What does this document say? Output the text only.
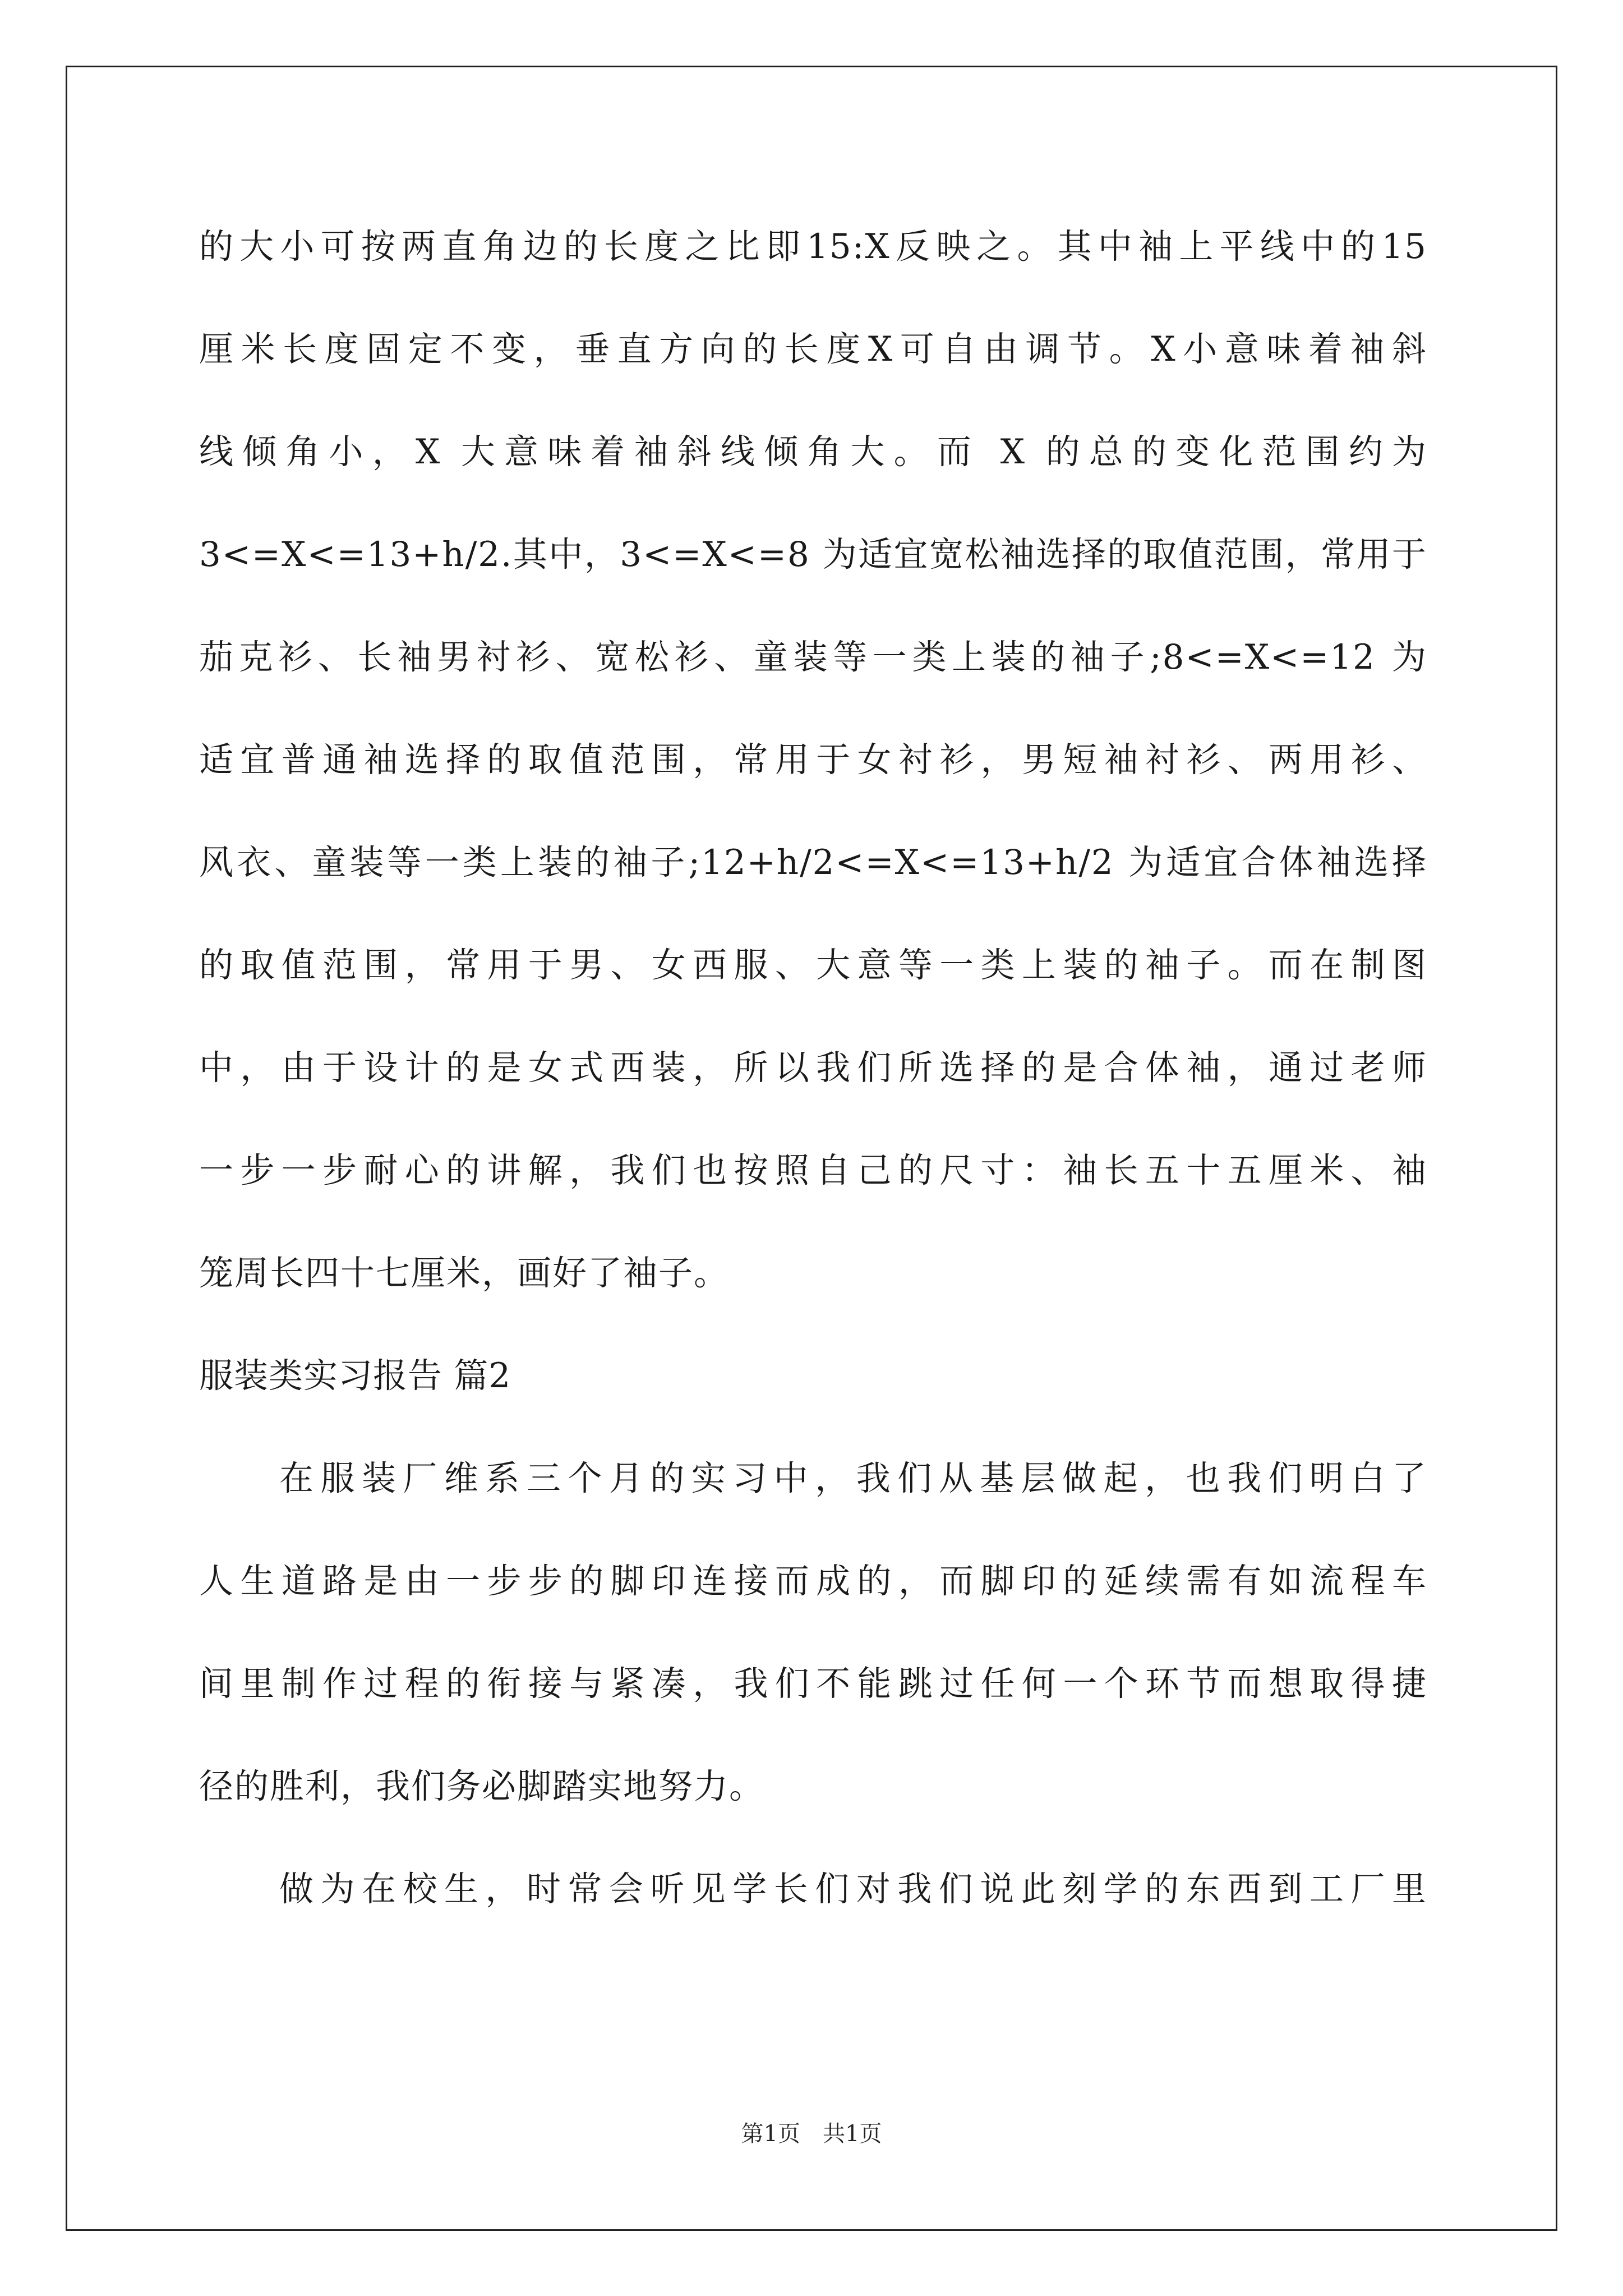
的大小可按两直角边的长度之比即15:X反映之。其中袖上平线中的15
厘米长度固定不变，垂直方向的长度X可自由调节。X小意味着袖斜
线倾角小，X 大意味着袖斜线倾角大。而 X 的总的变化范围约为
3<=X<=13+h/2.其中，3<=X<=8 为适宜宽松袖选择的取值范围，常用于
茄克衫、长袖男衬衫、宽松衫、童装等一类上装的袖子;8<=X<=12 为
适宜普通袖选择的取值范围，常用于女衬衫，男短袖衬衫、两用衫、
风衣、童装等一类上装的袖子;12+h/2<=X<=13+h/2 为适宜合体袖选择
的取值范围，常用于男、女西服、大意等一类上装的袖子。而在制图
中，由于设计的是女式西装，所以我们所选择的是合体袖，通过老师
一步一步耐心的讲解，我们也按照自己的尺寸：袖长五十五厘米、袖
笼周长四十七厘米，画好了袖子。
服装类实习报告 篇2
在服装厂维系三个月的实习中，我们从基层做起，也我们明白了
人生道路是由一步步的脚印连接而成的，而脚印的延续需有如流程车
间里制作过程的衔接与紧凑，我们不能跳过任何一个环节而想取得捷
径的胜利，我们务必脚踏实地努力。
做为在校生，时常会听见学长们对我们说此刻学的东西到工厂里
第1页　共1页
